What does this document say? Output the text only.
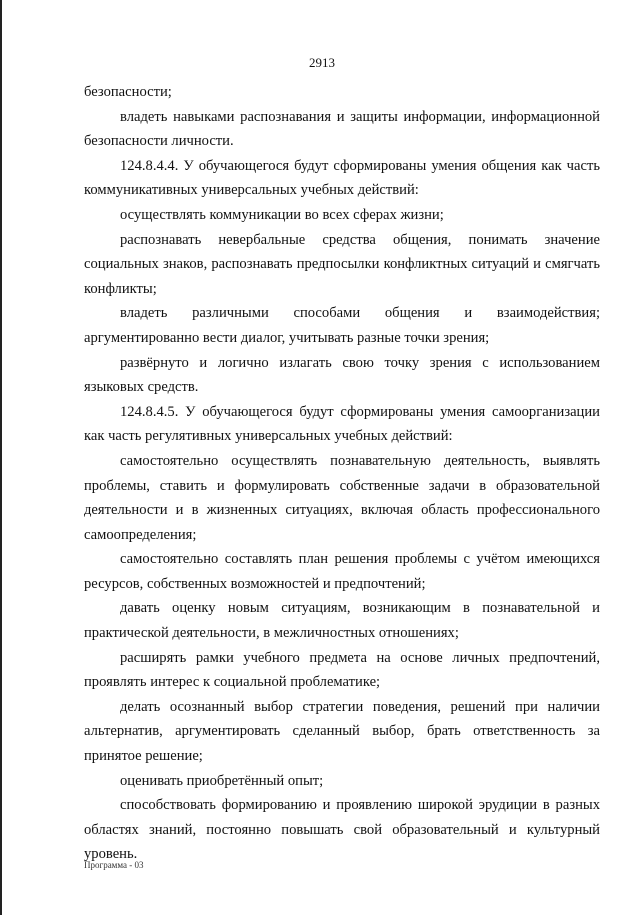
2913

безопасности;

владеть навыками распознавания и защиты информации, информационной безопасности личности.

124.8.4.4. У обучающегося будут сформированы умения общения как часть коммуникативных универсальных учебных действий:

осуществлять коммуникации во всех сферах жизни;

распознавать невербальные средства общения, понимать значение социальных знаков, распознавать предпосылки конфликтных ситуаций и смягчать конфликты;

владеть различными способами общения и взаимодействия; аргументированно вести диалог, учитывать разные точки зрения;

развёрнуто и логично излагать свою точку зрения с использованием языковых средств.

124.8.4.5. У обучающегося будут сформированы умения самоорганизации как часть регулятивных универсальных учебных действий:

самостоятельно осуществлять познавательную деятельность, выявлять проблемы, ставить и формулировать собственные задачи в образовательной деятельности и в жизненных ситуациях, включая область профессионального самоопределения;

самостоятельно составлять план решения проблемы с учётом имеющихся ресурсов, собственных возможностей и предпочтений;

давать оценку новым ситуациям, возникающим в познавательной и практической деятельности, в межличностных отношениях;

расширять рамки учебного предмета на основе личных предпочтений, проявлять интерес к социальной проблематике;

делать осознанный выбор стратегии поведения, решений при наличии альтернатив, аргументировать сделанный выбор, брать ответственность за принятое решение;

оценивать приобретённый опыт;

способствовать формированию и проявлению широкой эрудиции в разных областях знаний, постоянно повышать свой образовательный и культурный уровень.

Программа - 03
